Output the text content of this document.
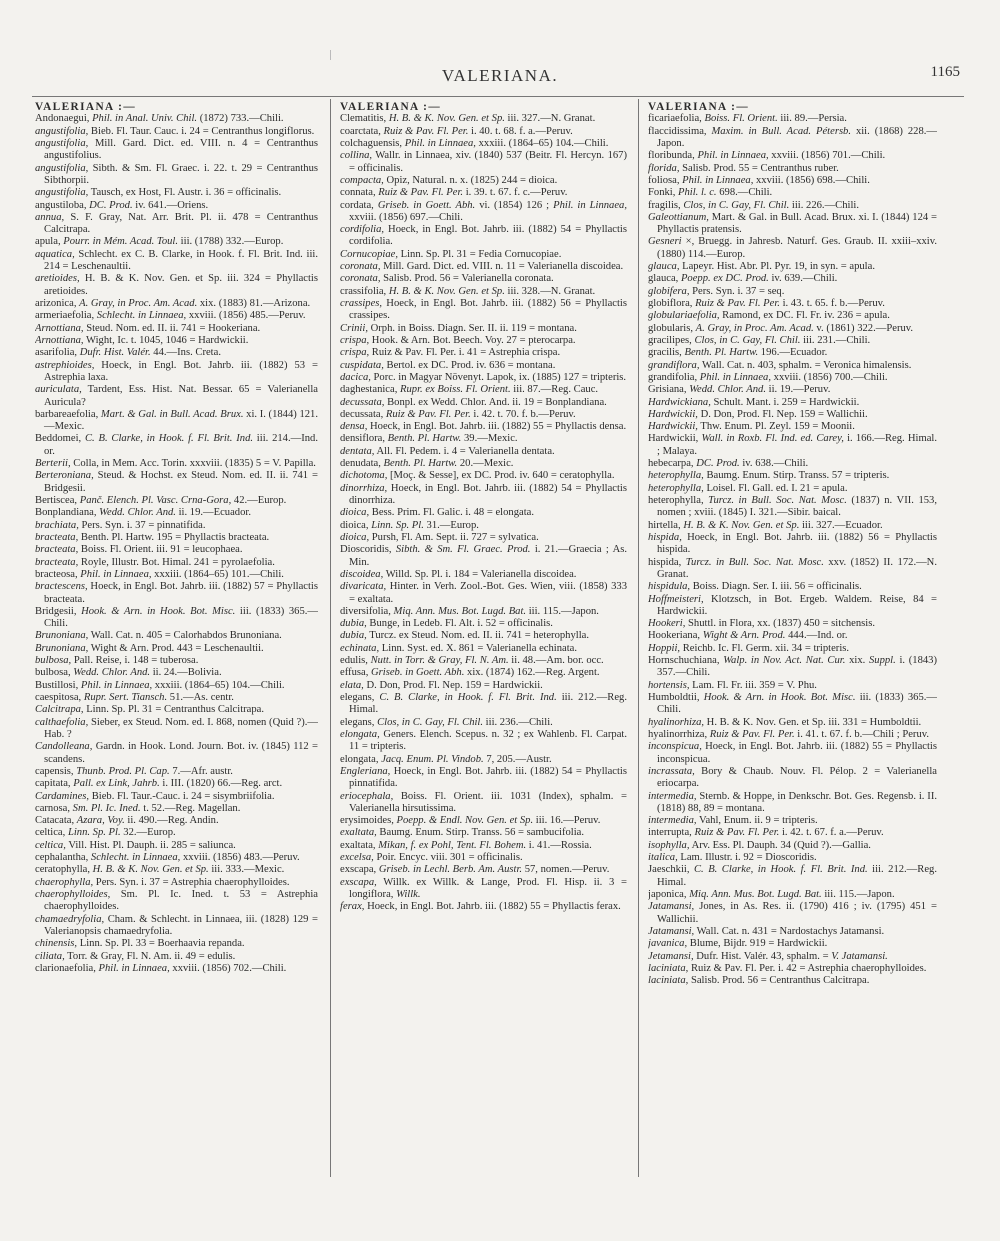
VALERIANA.	1165
VALERIANA :—
Andonaegui, Phil. in Anal. Univ. Chil. (1872) 733.—Chili.
angustifolia, Bieb. Fl. Taur. Cauc. i. 24 = Centranthus longiflorus.
angustifolia, Mill. Gard. Dict. ed. VIII. n. 4 = Centranthus angustifolius.
angustifolia, Sibth. & Sm. Fl. Graec. i. 22. t. 29 = Centranthus Sibthorpii.
angustifolia, Tausch, ex Host, Fl. Austr. i. 36 = officinalis.
angustiloba, DC. Prod. iv. 641.—Oriens.
annua, S. F. Gray, Nat. Arr. Brit. Pl. ii. 478 = Centranthus Calcitrapa.
apula, Pourr. in Mém. Acad. Toul. iii. (1788) 332.—Europ.
aquatica, Schlecht. ex C. B. Clarke, in Hook. f. Fl. Brit. Ind. iii. 214 = Leschenaultii.
aretioides, H. B. & K. Nov. Gen. et Sp. iii. 324 = Phyllactis aretioides.
arizonica, A. Gray, in Proc. Am. Acad. xix. (1883) 81.—Arizona.
armeriaefolia, Schlecht. in Linnaea, xxviii. (1856) 485.—Peruv.
Arnottiana, Steud. Nom. ed. II. ii. 741 = Hookeriana.
Arnottiana, Wight, Ic. t. 1045, 1046 = Hardwickii.
asarifolia, Dufr. Hist. Valér. 44.—Ins. Creta.
astrephioides, Hoeck, in Engl. Bot. Jahrb. iii. (1882) 53 = Astrephia laxa.
auriculata, Tardent, Ess. Hist. Nat. Bessar. 65 = Valerianella Auricula?
barbareaefolia, Mart. & Gal. in Bull. Acad. Brux. xi. I. (1844) 121.—Mexic.
Beddomei, C. B. Clarke, in Hook. f. Fl. Brit. Ind. iii. 214.—Ind. or.
Berterii, Colla, in Mem. Acc. Torin. xxxviii. (1835) 5 = V. Papilla.
Berteroniana, Steud. & Hochst. ex Steud. Nom. ed. II. ii. 741 = Bridgesii.
Bertiscea, Panč. Elench. Pl. Vasc. Crna-Gora, 42.—Europ.
Bonplandiana, Wedd. Chlor. And. ii. 19.—Ecuador.
brachiata, Pers. Syn. i. 37 = pinnatifida.
bracteata, Benth. Pl. Hartw. 195 = Phyllactis bracteata.
bracteata, Boiss. Fl. Orient. iii. 91 = leucophaea.
bracteata, Royle, Illustr. Bot. Himal. 241 = pyrolaefolia.
bracteosa, Phil. in Linnaea, xxxiii. (1864–65) 101.—Chili.
bractescens, Hoeck, in Engl. Bot. Jahrb. iii. (1882) 57 = Phyllactis bracteata.
Bridgesii, Hook. & Arn. in Hook. Bot. Misc. iii. (1833) 365.—Chili.
Brunoniana, Wall. Cat. n. 405 = Calorhabdos Brunoniana.
Brunoniana, Wight & Arn. Prod. 443 = Leschenaultii.
bulbosa, Pall. Reise, i. 148 = tuberosa.
bulbosa, Wedd. Chlor. And. ii. 24.—Bolivia.
Bustillosi, Phil. in Linnaea, xxxiii. (1864–65) 104.—Chili.
caespitosa, Rupr. Sert. Tiansch. 51.—As. centr.
Calcitrapa, Linn. Sp. Pl. 31 = Centranthus Calcitrapa.
calthaefolia, Sieber, ex Steud. Nom. ed. I. 868, nomen (Quid ?).—Hab. ?
Candolleana, Gardn. in Hook. Lond. Journ. Bot. iv. (1845) 112 = scandens.
capensis, Thunb. Prod. Pl. Cap. 7.—Afr. austr.
capitata, Pall. ex Link, Jahrb. i. III. (1820) 66.—Reg. arct.
Cardamines, Bieb. Fl. Taur.-Cauc. i. 24 = sisymbriifolia.
carnosa, Sm. Pl. Ic. Ined. t. 52.—Reg. Magellan.
Catacata, Azara, Voy. ii. 490.—Reg. Andin.
celtica, Linn. Sp. Pl. 32.—Europ.
celtica, Vill. Hist. Pl. Dauph. ii. 285 = saliunca.
cephalantha, Schlecht. in Linnaea, xxviii. (1856) 483.—Peruv.
ceratophylla, H. B. & K. Nov. Gen. et Sp. iii. 333.—Mexic.
chaerophylla, Pers. Syn. i. 37 = Astrephia chaerophylloides.
chaerophylloides, Sm. Pl. Ic. Ined. t. 53 = Astrephia chaerophylloides.
chamaedryfolia, Cham. & Schlecht. in Linnaea, iii. (1828) 129 = Valerianopsis chamaedryfolia.
chinensis, Linn. Sp. Pl. 33 = Boerhaavia repanda.
ciliata, Torr. & Gray, Fl. N. Am. ii. 49 = edulis.
clarionaefolia, Phil. in Linnaea, xxviii. (1856) 702.—Chili.
VALERIANA :—
Clematitis, H. B. & K. Nov. Gen. et Sp. iii. 327.—N. Granat.
coarctata, Ruiz & Pav. Fl. Per. i. 40. t. 68. f. a.—Peruv.
colchaguensis, Phil. in Linnaea, xxxiii. (1864–65) 104.—Chili.
collina, Wallr. in Linnaea, xiv. (1840) 537 (Beitr. Fl. Hercyn. 167) = officinalis.
compacta, Opiz, Natural. n. x. (1825) 244 = dioica.
connata, Ruiz & Pav. Fl. Per. i. 39. t. 67. f. c.—Peruv.
cordata, Griseb. in Goett. Abh. vi. (1854) 126 ; Phil. in Linnaea, xxviii. (1856) 697.—Chili.
cordifolia, Hoeck, in Engl. Bot. Jahrb. iii. (1882) 54 = Phyllactis cordifolia.
Cornucopiae, Linn. Sp. Pl. 31 = Fedia Cornucopiae.
coronata, Mill. Gard. Dict. ed. VIII. n. 11 = Valerianella discoidea.
coronata, Salisb. Prod. 56 = Valerianella coronata.
crassifolia, H. B. & K. Nov. Gen. et Sp. iii. 328.—N. Granat.
crassipes, Hoeck, in Engl. Bot. Jahrb. iii. (1882) 56 = Phyllactis crassipes.
Crinii, Orph. in Boiss. Diagn. Ser. II. ii. 119 = montana.
crispa, Hook. & Arn. Bot. Beech. Voy. 27 = pterocarpa.
crispa, Ruiz & Pav. Fl. Per. i. 41 = Astrephia crispa.
cuspidata, Bertol. ex DC. Prod. iv. 636 = montana.
dacica, Porc. in Magyar Növenyt. Lapok, ix. (1885) 127 = tripteris.
daghestanica, Rupr. ex Boiss. Fl. Orient. iii. 87.—Reg. Cauc.
decussata, Bonpl. ex Wedd. Chlor. And. ii. 19 = Bonplandiana.
decussata, Ruiz & Pav. Fl. Per. i. 42. t. 70. f. b.—Peruv.
densa, Hoeck, in Engl. Bot. Jahrb. iii. (1882) 55 = Phyllactis densa.
densiflora, Benth. Pl. Hartw. 39.—Mexic.
dentata, All. Fl. Pedem. i. 4 = Valerianella dentata.
denudata, Benth. Pl. Hartw. 20.—Mexic.
dichotoma, [Moç. & Sesse], ex DC. Prod. iv. 640 = ceratophylla.
dinorrhiza, Hoeck, in Engl. Bot. Jahrb. iii. (1882) 54 = Phyllactis dinorrhiza.
dioica, Bess. Prim. Fl. Galic. i. 48 = elongata.
dioica, Linn. Sp. Pl. 31.—Europ.
dioica, Pursh, Fl. Am. Sept. ii. 727 = sylvatica.
Dioscoridis, Sibth. & Sm. Fl. Graec. Prod. i. 21.—Graecia ; As. Min.
discoidea, Willd. Sp. Pl. i. 184 = Valerianella discoidea.
divaricata, Hinter. in Verh. Zool.-Bot. Ges. Wien, viii. (1858) 333 = exaltata.
diversifolia, Miq. Ann. Mus. Bot. Lugd. Bat. iii. 115.—Japon.
dubia, Bunge, in Ledeb. Fl. Alt. i. 52 = officinalis.
dubia, Turcz. ex Steud. Nom. ed. II. ii. 741 = heterophylla.
echinata, Linn. Syst. ed. X. 861 = Valerianella echinata.
edulis, Nutt. in Torr. & Gray, Fl. N. Am. ii. 48.—Am. bor. occ.
effusa, Griseb. in Goett. Abh. xix. (1874) 162.—Reg. Argent.
elata, D. Don, Prod. Fl. Nep. 159 = Hardwickii.
elegans, C. B. Clarke, in Hook. f. Fl. Brit. Ind. iii. 212.—Reg. Himal.
elegans, Clos, in C. Gay, Fl. Chil. iii. 236.—Chili.
elongata, Geners. Elench. Scepus. n. 32 ; ex Wahlenb. Fl. Carpat. 11 = tripteris.
elongata, Jacq. Enum. Pl. Vindob. 7, 205.—Austr.
Engleriana, Hoeck, in Engl. Bot. Jahrb. iii. (1882) 54 = Phyllactis pinnatifida.
eriocephala, Boiss. Fl. Orient. iii. 1031 (Index), sphalm. = Valerianella hirsutissima.
erysimoides, Poepp. & Endl. Nov. Gen. et Sp. iii. 16.—Peruv.
exaltata, Baumg. Enum. Stirp. Transs. 56 = sambucifolia.
exaltata, Mikan, f. ex Pohl, Tent. Fl. Bohem. i. 41.—Rossia.
excelsa, Poir. Encyc. viii. 301 = officinalis.
exscapa, Griseb. in Lechl. Berb. Am. Austr. 57, nomen.—Peruv.
exscapa, Willk. ex Willk. & Lange, Prod. Fl. Hisp. ii. 3 = longiflora, Willk.
ferax, Hoeck, in Engl. Bot. Jahrb. iii. (1882) 55 = Phyllactis ferax.
VALERIANA :—
ficariaefolia, Boiss. Fl. Orient. iii. 89.—Persia.
flaccidissima, Maxim. in Bull. Acad. Pétersb. xii. (1868) 228.—Japon.
floribunda, Phil. in Linnaea, xxviii. (1856) 701.—Chili.
florida, Salisb. Prod. 55 = Centranthus ruber.
foliosa, Phil. in Linnaea, xxviii. (1856) 698.—Chili.
Fonki, Phil. l. c. 698.—Chili.
fragilis, Clos, in C. Gay, Fl. Chil. iii. 226.—Chili.
Galeottianum, Mart. & Gal. in Bull. Acad. Brux. xi. I. (1844) 124 = Phyllactis pratensis.
Gesneri ×, Bruegg. in Jahresb. Naturf. Ges. Graub. II. xxiii–xxiv. (1880) 114.—Europ.
glauca, Lapeyr. Hist. Abr. Pl. Pyr. 19, in syn. = apula.
glauca, Poepp. ex DC. Prod. iv. 639.—Chili.
globifera, Pers. Syn. i. 37 = seq.
globiflora, Ruiz & Pav. Fl. Per. i. 43. t. 65. f. b.—Peruv.
globulariaefolia, Ramond, ex DC. Fl. Fr. iv. 236 = apula.
globularis, A. Gray, in Proc. Am. Acad. v. (1861) 322.—Peruv.
gracilipes, Clos, in C. Gay, Fl. Chil. iii. 231.—Chili.
gracilis, Benth. Pl. Hartw. 196.—Ecuador.
grandiflora, Wall. Cat. n. 403, sphalm. = Veronica himalensis.
grandifolia, Phil. in Linnaea, xxviii. (1856) 700.—Chili.
Grisiana, Wedd. Chlor. And. ii. 19.—Peruv.
Hardwickiana, Schult. Mant. i. 259 = Hardwickii.
Hardwickii, D. Don, Prod. Fl. Nep. 159 = Wallichii.
Hardwickii, Thw. Enum. Pl. Zeyl. 159 = Moonii.
Hardwickii, Wall. in Roxb. Fl. Ind. ed. Carey, i. 166.—Reg. Himal. ; Malaya.
hebecarpa, DC. Prod. iv. 638.—Chili.
heterophylla, Baumg. Enum. Stirp. Transs. 57 = tripteris.
heterophylla, Loisel. Fl. Gall. ed. I. 21 = apula.
heterophylla, Turcz. in Bull. Soc. Nat. Mosc. (1837) n. VII. 153, nomen ; xviii. (1845) I. 321.—Sibir. baical.
hirtella, H. B. & K. Nov. Gen. et Sp. iii. 327.—Ecuador.
hispida, Hoeck, in Engl. Bot. Jahrb. iii. (1882) 56 = Phyllactis hispida.
hispida, Turcz. in Bull. Soc. Nat. Mosc. xxv. (1852) II. 172.—N. Granat.
hispidula, Boiss. Diagn. Ser. I. iii. 56 = officinalis.
Hoffmeisteri, Klotzsch, in Bot. Ergeb. Waldem. Reise, 84 = Hardwickii.
Hookeri, Shuttl. in Flora, xx. (1837) 450 = sitchensis.
Hookeriana, Wight & Arn. Prod. 444.—Ind. or.
Hoppii, Reichb. Ic. Fl. Germ. xii. 34 = tripteris.
Hornschuchiana, Walp. in Nov. Act. Nat. Cur. xix. Suppl. i. (1843) 357.—Chili.
hortensis, Lam. Fl. Fr. iii. 359 = V. Phu.
Humboldtii, Hook. & Arn. in Hook. Bot. Misc. iii. (1833) 365.—Chili.
hyalinorhiza, H. B. & K. Nov. Gen. et Sp. iii. 331 = Humboldtii.
hyalinorrhiza, Ruiz & Pav. Fl. Per. i. 41. t. 67. f. b.—Chili ; Peruv.
inconspicua, Hoeck, in Engl. Bot. Jahrb. iii. (1882) 55 = Phyllactis inconspicua.
incrassata, Bory & Chaub. Nouv. Fl. Pélop. 2 = Valerianella eriocarpa.
intermedia, Sternb. & Hoppe, in Denkschr. Bot. Ges. Regensb. i. II. (1818) 88, 89 = montana.
intermedia, Vahl, Enum. ii. 9 = tripteris.
interrupta, Ruiz & Pav. Fl. Per. i. 42. t. 67. f. a.—Peruv.
isophylla, Arv. Ess. Pl. Dauph. 34 (Quid ?).—Gallia.
italica, Lam. Illustr. i. 92 = Dioscoridis.
Jaeschkii, C. B. Clarke, in Hook. f. Fl. Brit. Ind. iii. 212.—Reg. Himal.
japonica, Miq. Ann. Mus. Bot. Lugd. Bat. iii. 115.—Japon.
Jatamansi, Jones, in As. Res. ii. (1790) 416 ; iv. (1795) 451 = Wallichii.
Jatamansi, Wall. Cat. n. 431 = Nardostachys Jatamansi.
javanica, Blume, Bijdr. 919 = Hardwickii.
Jetamansi, Dufr. Hist. Valér. 43, sphalm. = V. Jatamansi.
laciniata, Ruiz & Pav. Fl. Per. i. 42 = Astrephia chaerophylloides.
laciniata, Salisb. Prod. 56 = Centranthus Calcitrapa.
